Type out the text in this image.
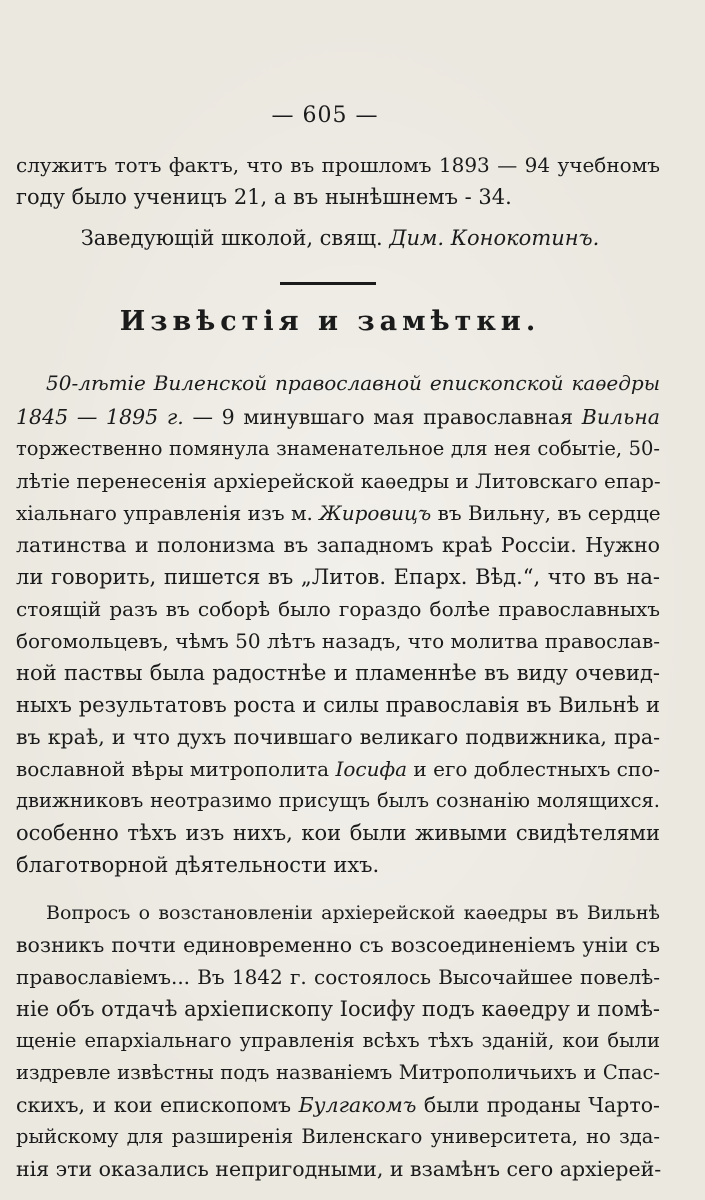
— 605 —
служитъ тотъ фактъ, что въ прошломъ 1893 — 94 учебномъ
году было ученицъ 21, а въ нынѣшнемъ - 34.
Заведующій школой, свящ. Дим. Конокотинъ.
Извѣстія и замѣтки.
50-лѣтіе Виленской православной епископской каѳедры
1845 — 1895 г. — 9 минувшаго мая православная Вильна
торжественно помянула знаменательное для нея событіе, 50-
лѣтіе перенесенія архіерейской каѳедры и Литовскаго епар-
хіальнаго управленія изъ м. Жировицъ въ Вильну, въ сердце
латинства и полонизма въ западномъ краѣ Россіи. Нужно
ли говорить, пишется въ „Литов. Епарх. Вѣд.“, что въ на-
стоящій разъ въ соборѣ было гораздо болѣе православныхъ
богомольцевъ, чѣмъ 50 лѣтъ назадъ, что молитва православ-
ной паствы была радостнѣе и пламеннѣе въ виду очевид-
ныхъ результатовъ роста и силы православія въ Вильнѣ и
въ краѣ, и что духъ почившаго великаго подвижника, пра-
вославной вѣры митрополита Іосифа и его доблестныхъ спо-
движниковъ неотразимо присущъ былъ сознанію молящихся.
особенно тѣхъ изъ нихъ, кои были живыми свидѣтелями
благотворной дѣятельности ихъ.
Вопросъ о возстановленіи архіерейской каѳедры въ Вильнѣ
возникъ почти единовременно съ возсоединеніемъ уніи съ
православіемъ... Въ 1842 г. состоялось Высочайшее повелѣ-
ніе объ отдачѣ архіепископу Іосифу подъ каѳедру и помѣ-
щеніе епархіальнаго управленія всѣхъ тѣхъ зданій, кои были
издревле извѣстны подъ названіемъ Митрополичьихъ и Спас-
скихъ, и кои епископомъ Булгакомъ были проданы Чарто-
рыйскому для разширенія Виленскаго университета, но зда-
нія эти оказались непригодными, и взамѣнъ сего архіерей-
